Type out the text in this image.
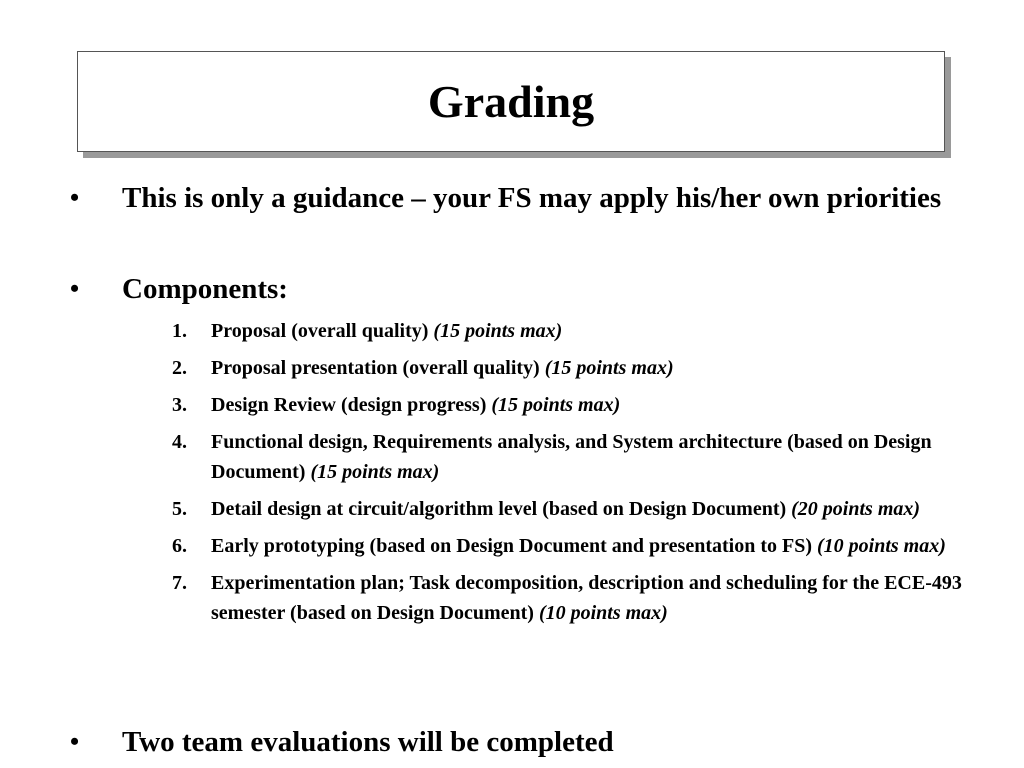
Grading
• This is only a guidance – your FS may apply his/her own priorities
• Components:
1. Proposal (overall quality) (15 points max)
2. Proposal presentation (overall quality) (15 points max)
3. Design Review (design progress) (15 points max)
4. Functional design, Requirements analysis, and System architecture (based on Design Document) (15 points max)
5. Detail design at circuit/algorithm level (based on Design Document) (20 points max)
6. Early prototyping (based on Design Document and presentation to FS) (10 points max)
7. Experimentation plan; Task decomposition, description and scheduling for the ECE-493 semester (based on Design Document) (10 points max)
• Two team evaluations will be completed
